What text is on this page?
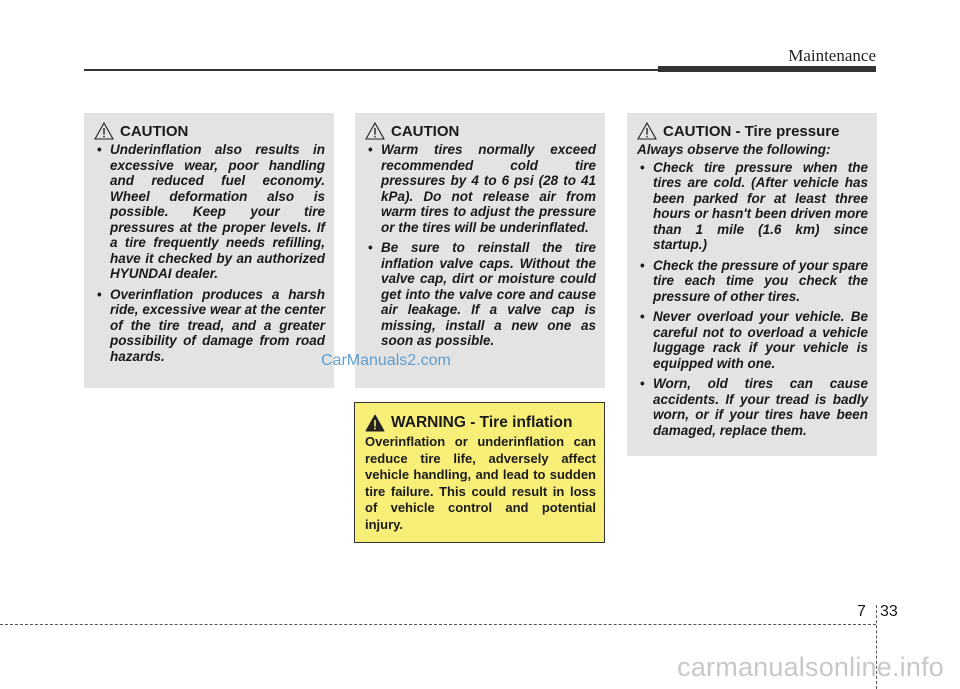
Maintenance
CAUTION
• Underinflation also results in excessive wear, poor handling and reduced fuel economy. Wheel deformation also is possible. Keep your tire pressures at the proper levels. If a tire frequently needs refilling, have it checked by an authorized HYUNDAI dealer.
• Overinflation produces a harsh ride, excessive wear at the center of the tire tread, and a greater possibility of damage from road hazards.
CAUTION
• Warm tires normally exceed recommended cold tire pressures by 4 to 6 psi (28 to 41 kPa). Do not release air from warm tires to adjust the pressure or the tires will be underinflated.
• Be sure to reinstall the tire inflation valve caps. Without the valve cap, dirt or moisture could get into the valve core and cause air leakage. If a valve cap is missing, install a new one as soon as possible.
CAUTION - Tire pressure
Always observe the following:
• Check tire pressure when the tires are cold. (After vehicle has been parked for at least three hours or hasn't been driven more than 1 mile (1.6 km) since startup.)
• Check the pressure of your spare tire each time you check the pressure of other tires.
• Never overload your vehicle. Be careful not to overload a vehicle luggage rack if your vehicle is equipped with one.
• Worn, old tires can cause accidents. If your tread is badly worn, or if your tires have been damaged, replace them.
WARNING - Tire inflation
Overinflation or underinflation can reduce tire life, adversely affect vehicle handling, and lead to sudden tire failure. This could result in loss of vehicle control and potential injury.
CarManuals2.com
7 33
carmanualsonline.info
